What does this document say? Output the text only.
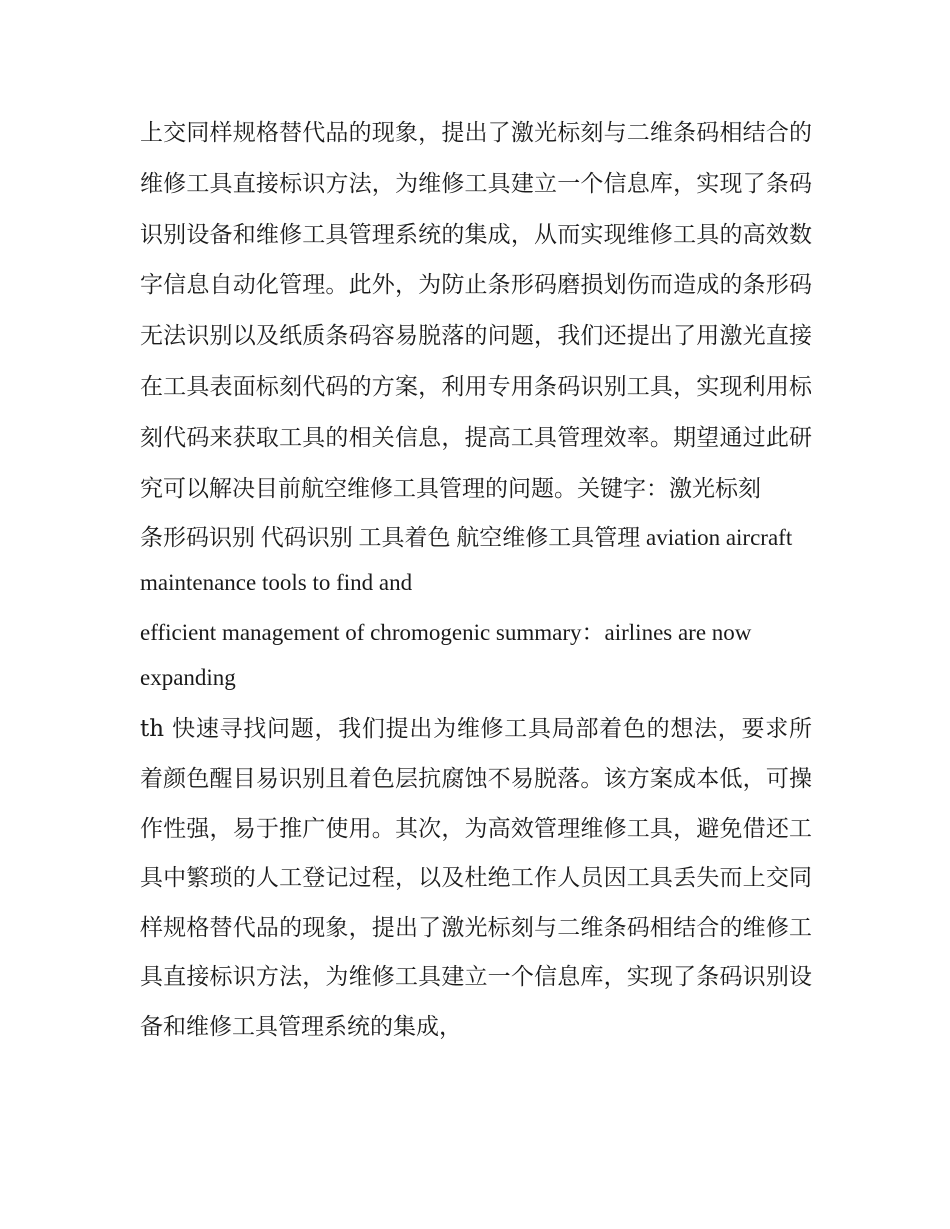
上交同样规格替代品的现象，提出了激光标刻与二维条码相结合的维修工具直接标识方法，为维修工具建立一个信息库，实现了条码识别设备和维修工具管理系统的集成，从而实现维修工具的高效数字信息自动化管理。此外，为防止条形码磨损划伤而造成的条形码无法识别以及纸质条码容易脱落的问题，我们还提出了用激光直接在工具表面标刻代码的方案，利用专用条码识别工具，实现利用标刻代码来获取工具的相关信息，提高工具管理效率。期望通过此研究可以解决目前航空维修工具管理的问题。关键字：激光标刻

条形码识别 代码识别 工具着色 航空维修工具管理 aviation aircraft maintenance tools to find and

efficient management of chromogenic summary：airlines are now expanding

th 快速寻找问题，我们提出为维修工具局部着色的想法，要求所着颜色醒目易识别且着色层抗腐蚀不易脱落。该方案成本低，可操作性强，易于推广使用。其次，为高效管理维修工具，避免借还工具中繁琐的人工登记过程，以及杜绝工作人员因工具丢失而上交同样规格替代品的现象，提出了激光标刻与二维条码相结合的维修工具直接标识方法，为维修工具建立一个信息库，实现了条码识别设备和维修工具管理系统的集成，
